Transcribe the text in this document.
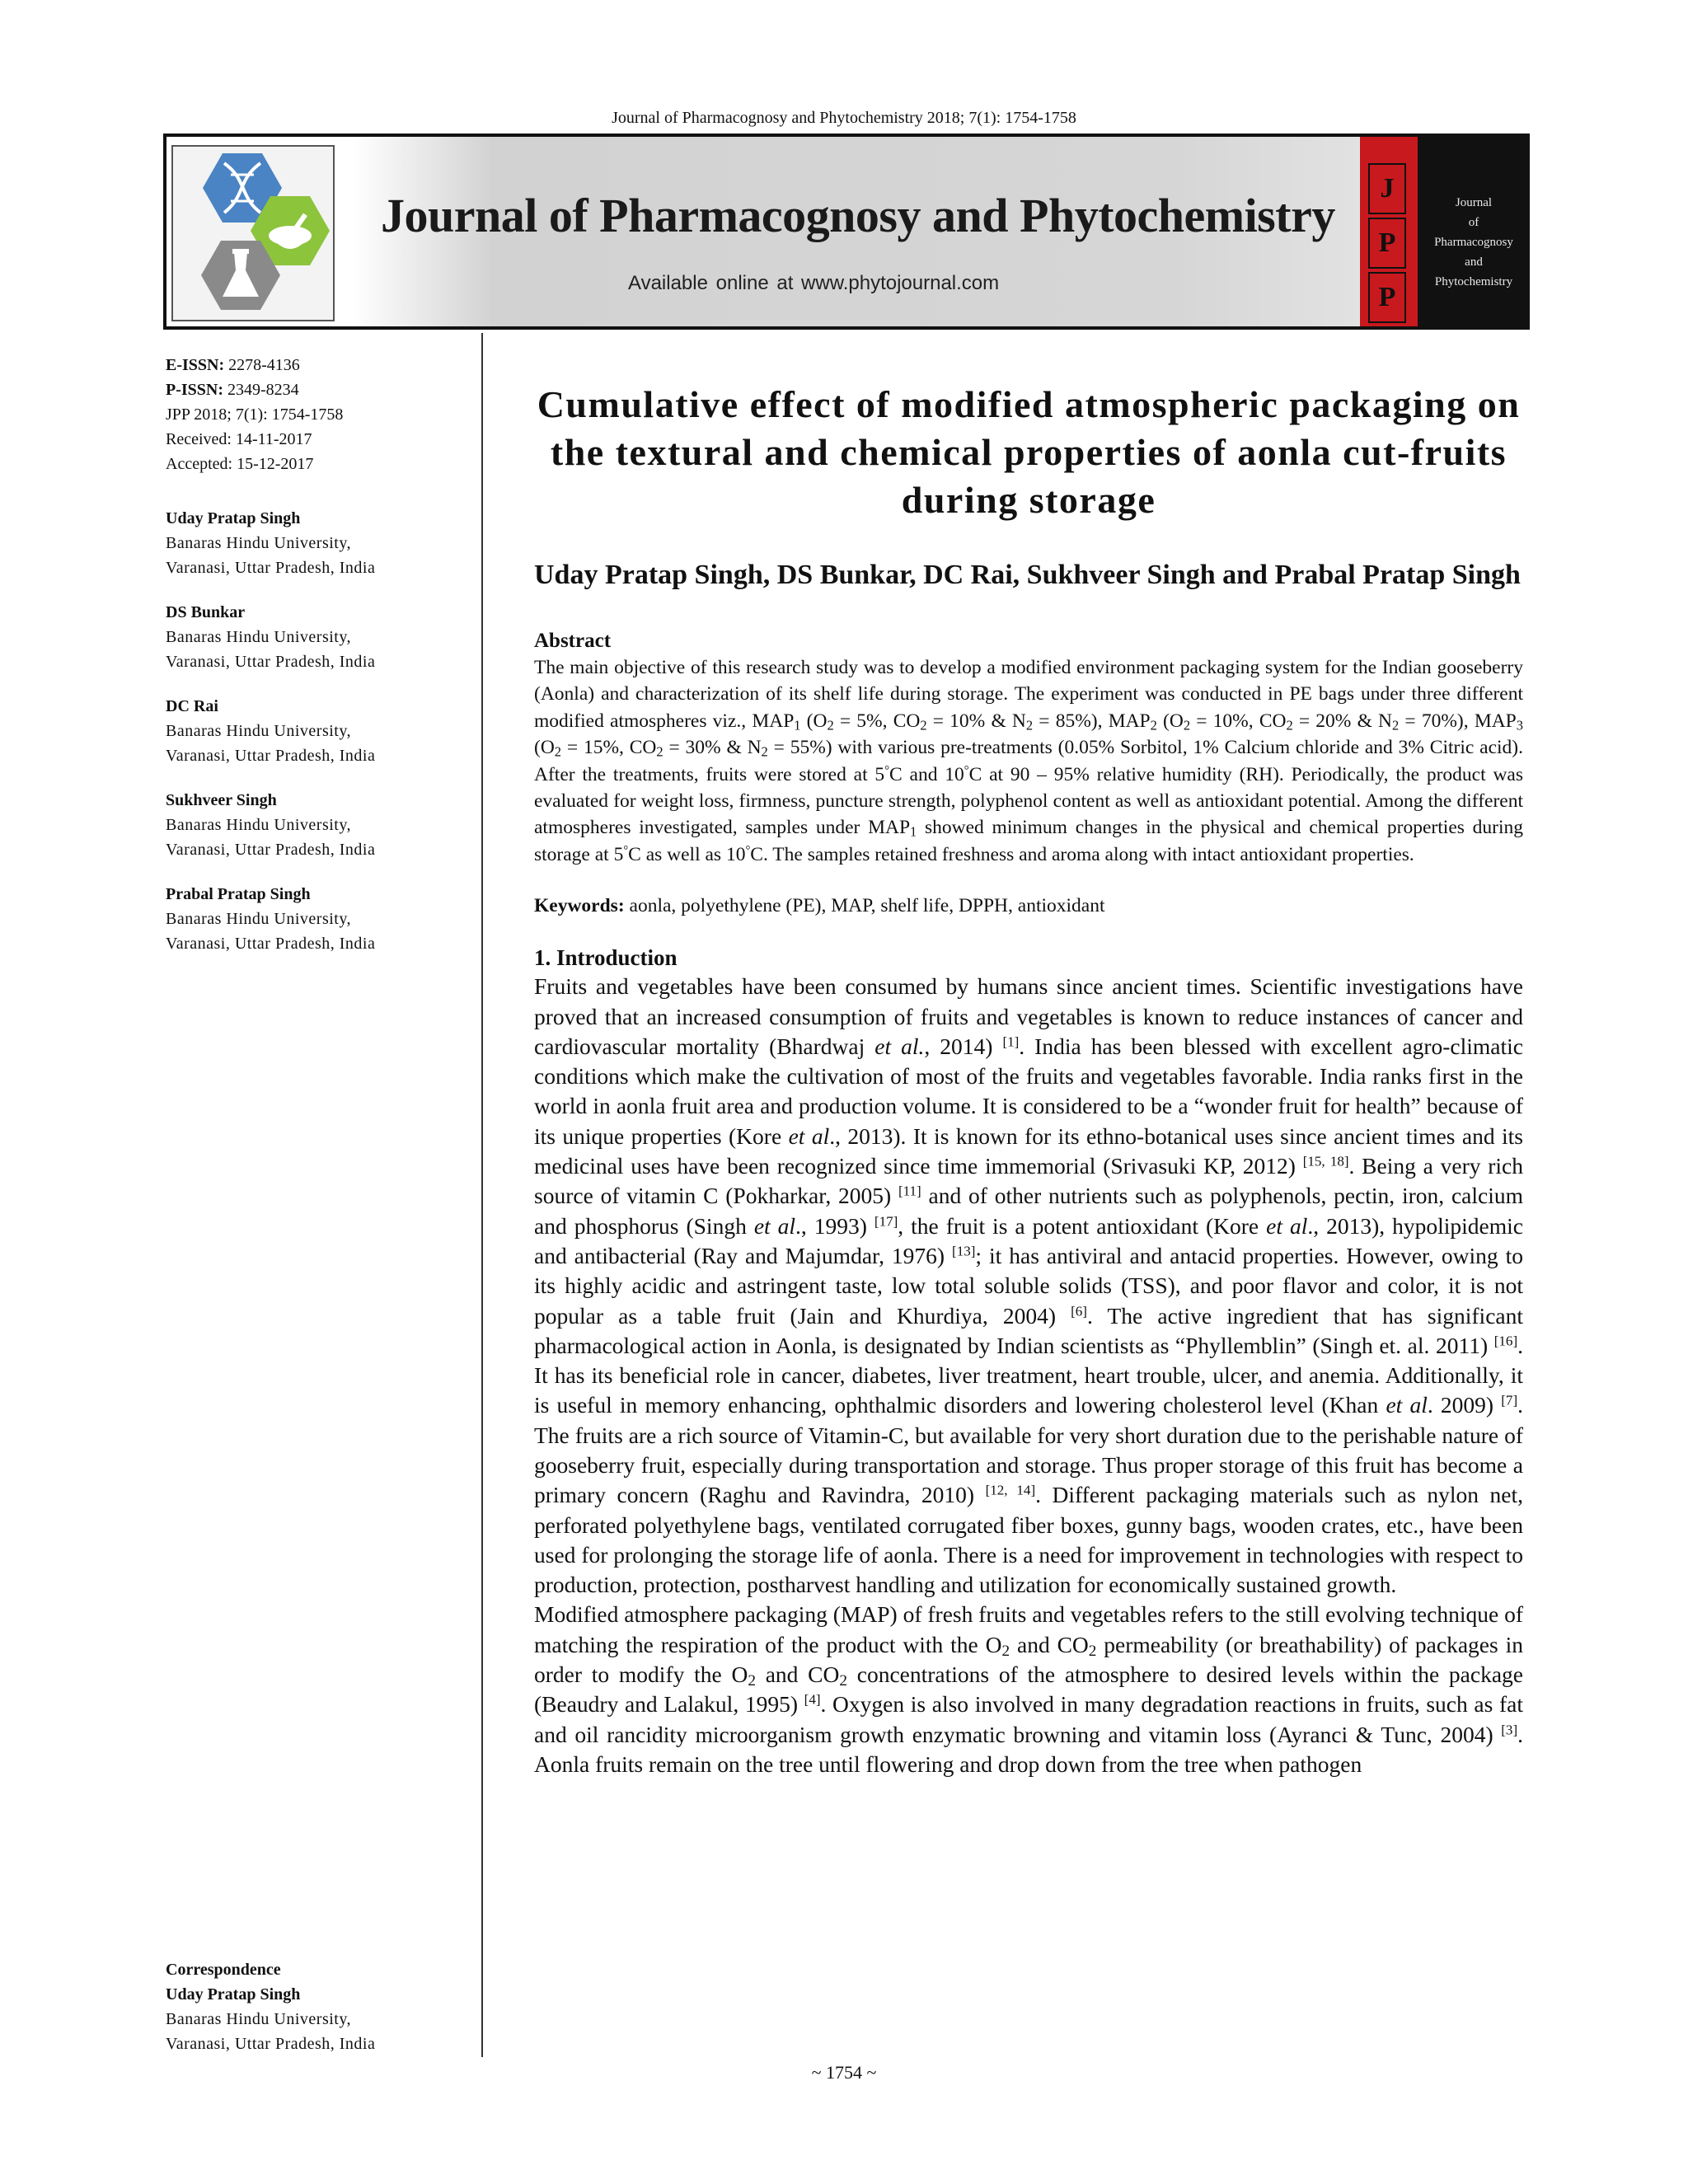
Journal of Pharmacognosy and Phytochemistry 2018; 7(1): 1754-1758
Journal of Pharmacognosy and Phytochemistry
Available online at www.phytojournal.com
J
P
P
Journal
of
Pharmacognosy
and
Phytochemistry
E-ISSN: 2278-4136
P-ISSN: 2349-8234
JPP 2018; 7(1): 1754-1758
Received: 14-11-2017
Accepted: 15-12-2017
Uday Pratap Singh
Banaras Hindu University,
Varanasi, Uttar Pradesh, India
DS Bunkar
Banaras Hindu University,
Varanasi, Uttar Pradesh, India
DC Rai
Banaras Hindu University,
Varanasi, Uttar Pradesh, India
Sukhveer Singh
Banaras Hindu University,
Varanasi, Uttar Pradesh, India
Prabal Pratap Singh
Banaras Hindu University,
Varanasi, Uttar Pradesh, India
Correspondence
Uday Pratap Singh
Banaras Hindu University,
Varanasi, Uttar Pradesh, India
Cumulative effect of modified atmospheric packaging on the textural and chemical properties of aonla cut-fruits during storage
Uday Pratap Singh, DS Bunkar, DC Rai, Sukhveer Singh and Prabal Pratap Singh
Abstract
The main objective of this research study was to develop a modified environment packaging system for the Indian gooseberry (Aonla) and characterization of its shelf life during storage. The experiment was conducted in PE bags under three different modified atmospheres viz., $MAP_1$ ($O_2 = 5\%$, $CO_2 = 10\%$ & $N_2 = 85\%$), $MAP_2$ ($O_2 = 10\%$, $CO_2 = 20\%$ & $N_2 = 70\%$), $MAP_3$ ($O_2 = 15\%$, $CO_2 = 30\%$ & $N_2 = 55\%$) with various pre-treatments (0.05% Sorbitol, 1% Calcium chloride and 3% Citric acid). After the treatments, fruits were stored at 5°C and 10°C at 90 – 95% relative humidity (RH). Periodically, the product was evaluated for weight loss, firmness, puncture strength, polyphenol content as well as antioxidant potential. Among the different atmospheres investigated, samples under $MAP_1$ showed minimum changes in the physical and chemical properties during storage at 5°C as well as 10°C. The samples retained freshness and aroma along with intact antioxidant properties.
Keywords: aonla, polyethylene (PE), MAP, shelf life, DPPH, antioxidant
1. Introduction

Fruits and vegetables have been consumed by humans since ancient times. Scientific investigations have proved that an increased consumption of fruits and vegetables is known to reduce instances of cancer and cardiovascular mortality (Bhardwaj et al., 2014) [1]. India has been blessed with excellent agro-climatic conditions which make the cultivation of most of the fruits and vegetables favorable. India ranks first in the world in aonla fruit area and production volume. It is considered to be a “wonder fruit for health” because of its unique properties (Kore et al., 2013). It is known for its ethno-botanical uses since ancient times and its medicinal uses have been recognized since time immemorial (Srivasuki KP, 2012) [15, 18]. Being a very rich source of vitamin C (Pokharkar, 2005) [11] and of other nutrients such as polyphenols, pectin, iron, calcium and phosphorus (Singh et al., 1993) [17], the fruit is a potent antioxidant (Kore et al., 2013), hypolipidemic and antibacterial (Ray and Majumdar, 1976) [13]; it has antiviral and antacid properties. However, owing to its highly acidic and astringent taste, low total soluble solids (TSS), and poor flavor and color, it is not popular as a table fruit (Jain and Khurdiya, 2004) [6]. The active ingredient that has significant pharmacological action in Aonla, is designated by Indian scientists as “Phyllemblin” (Singh et. al. 2011) [16]. It has its beneficial role in cancer, diabetes, liver treatment, heart trouble, ulcer, and anemia. Additionally, it is useful in memory enhancing, ophthalmic disorders and lowering cholesterol level (Khan et al. 2009) [7]. The fruits are a rich source of Vitamin-C, but available for very short duration due to the perishable nature of gooseberry fruit, especially during transportation and storage. Thus proper storage of this fruit has become a primary concern (Raghu and Ravindra, 2010) [12, 14]. Different packaging materials such as nylon net, perforated polyethylene bags, ventilated corrugated fiber boxes, gunny bags, wooden crates, etc., have been used for prolonging the storage life of aonla. There is a need for improvement in technologies with respect to production, protection, postharvest handling and utilization for economically sustained growth.

Modified atmosphere packaging (MAP) of fresh fruits and vegetables refers to the still evolving technique of matching the respiration of the product with the $O_2$ and $CO_2$ permeability (or breathability) of packages in order to modify the $O_2$ and $CO_2$ concentrations of the atmosphere to desired levels within the package (Beaudry and Lalakul, 1995) [4]. Oxygen is also involved in many degradation reactions in fruits, such as fat and oil rancidity microorganism growth enzymatic browning and vitamin loss (Ayranci & Tunc, 2004) [3]. Aonla fruits remain on the tree until flowering and drop down from the tree when pathogen

~ 1754 ~
